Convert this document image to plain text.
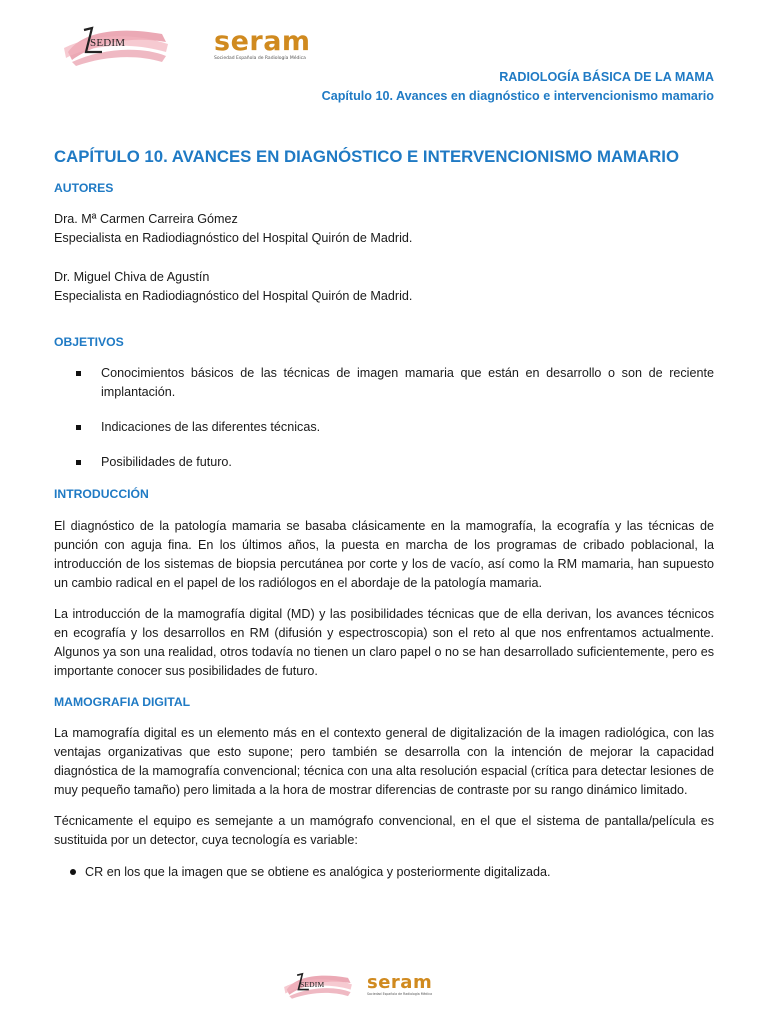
SEDIM	seram
Sociedad Española de Radiología Médica
RADIOLOGÍA BÁSICA DE LA MAMA
Capítulo 10. Avances en diagnóstico e intervencionismo mamario
CAPÍTULO 10. AVANCES EN DIAGNÓSTICO E INTERVENCIONISMO MAMARIO
AUTORES
Dra. Mª Carmen Carreira Gómez
Especialista en Radiodiagnóstico del Hospital Quirón de Madrid.
Dr. Miguel Chiva de Agustín
Especialista en Radiodiagnóstico del Hospital Quirón de Madrid.
OBJETIVOS
Conocimientos básicos de las técnicas de imagen mamaria que están en desarrollo o son de reciente implantación.
Indicaciones de las diferentes técnicas.
Posibilidades de futuro.
INTRODUCCIÓN

El diagnóstico de la patología mamaria se basaba clásicamente en la mamografía, la ecografía y las técnicas de punción con aguja fina. En los últimos años, la puesta en marcha de los programas de cribado poblacional, la introducción de los sistemas de biopsia percutánea por corte y los de vacío, así como la RM mamaria, han supuesto un cambio radical en el papel de los radiólogos en el abordaje de la patología mamaria.

La introducción de la mamografía digital (MD) y las posibilidades técnicas que de ella derivan, los avances técnicos en ecografía y los desarrollos en RM (difusión y espectroscopia) son el reto al que nos enfrentamos actualmente. Algunos ya son una realidad, otros todavía no tienen un claro papel o no se han desarrollado suficientemente, pero es importante conocer sus posibilidades de futuro.

MAMOGRAFIA DIGITAL

La mamografía digital es un elemento más en el contexto general de digitalización de la imagen radiológica, con las ventajas organizativas que esto supone; pero también se desarrolla con la intención de mejorar la capacidad diagnóstica de la mamografía convencional; técnica con una alta resolución espacial (crítica para detectar lesiones de muy pequeño tamaño) pero limitada a la hora de mostrar diferencias de contraste por su rango dinámico limitado.

Técnicamente el equipo es semejante a un mamógrafo convencional, en el que el sistema de pantalla/película es sustituida por un detector, cuya tecnología es variable:

CR en los que la imagen que se obtiene es analógica y posteriormente digitalizada.
SEDIM seram
Sociedad Española de Radiología Médica
